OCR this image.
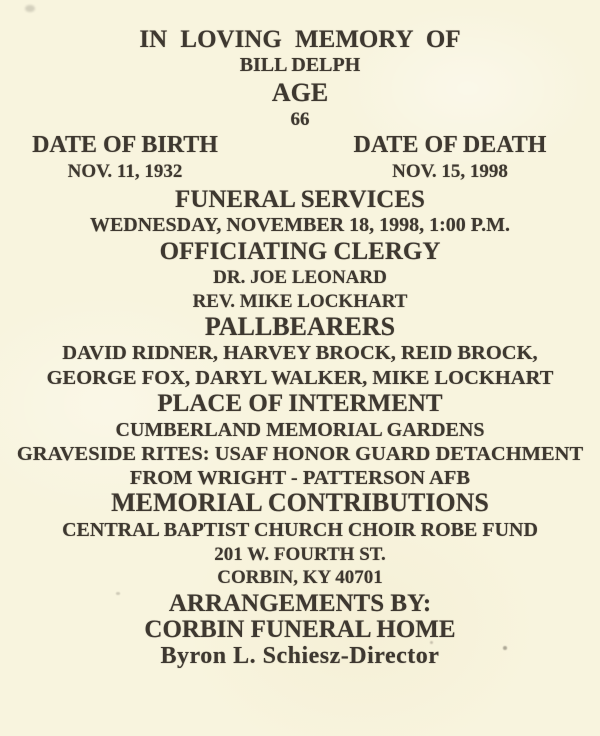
IN LOVING MEMORY OF
BILL DELPH
AGE
66
DATE OF BIRTH	DATE OF DEATH
NOV. 11, 1932	NOV. 15, 1998
FUNERAL SERVICES
WEDNESDAY, NOVEMBER 18, 1998, 1:00 P.M.
OFFICIATING CLERGY
DR. JOE LEONARD
REV. MIKE LOCKHART
PALLBEARERS
DAVID RIDNER, HARVEY BROCK, REID BROCK,
GEORGE FOX, DARYL WALKER, MIKE LOCKHART
PLACE OF INTERMENT
CUMBERLAND MEMORIAL GARDENS
GRAVESIDE RITES: USAF HONOR GUARD DETACHMENT
FROM WRIGHT - PATTERSON AFB
MEMORIAL CONTRIBUTIONS
CENTRAL BAPTIST CHURCH CHOIR ROBE FUND
201 W. FOURTH ST.
CORBIN, KY 40701
ARRANGEMENTS BY:
CORBIN FUNERAL HOME
Byron L. Schiesz-Director
